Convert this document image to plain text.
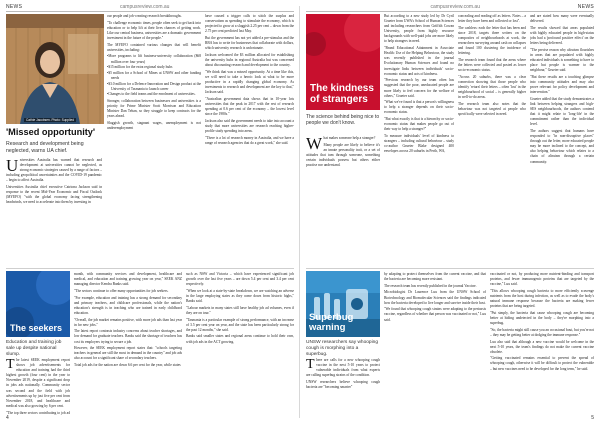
NEWS	campusreview.com.au
Cathie Jacobsen. Photo: Supplied
'Missed opportunity'
Research and development being neglected, warns UA chief.
U niversities Australia has warned that research and development at universities cannot be neglected, as strong economic strategies caused by a range of factors – including geopolitical uncertainties and the COVID-19 pandemic – begin to affect Australia.

Universities Australia chief executive Catriona Jackson said in response to the recent Mid-Year Economic and Fiscal Outlook (MYEFO) "with the global economy facing strengthening headwinds, we need to accelerate into them by investing in

our people and job-creating research breakthroughs.

"To challenge economic times, people often seek to get back into education or to help lift at their lives chances of getting work. Like our central business, universities are a dramatic government investment in the future of the people."

The MYEFO contained various changes that will benefit universities, including:

• More programs to lift business-university collaboration ($68 million over four years)
• $15 million for the extra regional study hubs
• $5 million for a School of Mines at UNSW and other funding needs
• $3.0 million for a Defence Innovation and Design product at the University of Tasmania to launch career
• Changes to the field teams and the enrolment of universities.

Stronger, collaboration between businesses and universities is a priority for Prime Minister Scott Morrison and Education Minister Dan Tehan, so they struggle to keep contracts for the years ahead.

Sluggish growth, stagnant wages, unemployment is not underemployment

have caused a trigger calls to stitch the surplus and conservatism as spending to stimulate the economy, which is projected to grow at a sluggish 2.25 per cent – down from the 2.75 per cent predicted last May.

But the government has not yet added a pre-stimulus and the RBA has to write for businesses that collaborate with dollars, which university research is unfortunate.

Jackson welcomed the $3 million allocated for establishing the university hubs in regional Australia but was concerned about discounting research and development to the country.

"We think that was a missed opportunity. At a time like this, we will need to take a heroic look at what to be more productive in a rapidly changing global economy. As investments to research and development are the key to that," Jackson said.

"Australian government data shows that in 10-year lots universities that the peak in 2017 with the rest of research spending at 0.6 per cent of the economy – the lowest level since the 1980s."

Jackson also said the government needs to take into account a study that more universities are research reaching higher-profile study spending into areas.

"There is a lot of research money in Australia, and we have a range of research agencies that do a great work," she said.

The seekers
Education and training job sale up despite national slump.
T he latest SEEK employment report shows job advertisements for education and training had the third highest growth (four cent) in the year to November 2019, despite a significant drop in jobs ads nationally. Community sector was second and the field with job advertisements up by just five per cent from November 2018, and healthcare and medical was also growing by 6 per cent.

"The top three sectors contributing to job ad

month, with community services and development, healthcare and medical, and education and training growing year on year," SEEK ANZ managing director Kendra Banks said.

"The sectors continue to offer many opportunities for job seekers.

"For example, education and training has a strong demand for secondary and primary teachers, and childcare professionals, while the nation's education's strength is in teaching who are trained in early childhood education.

"Overall, the job market remains positive, with more job ads than last year in for new jobs."

The latest report contrasts industry concerns about teacher shortages, and low demand for graduate teachers. Banks said the shortage of teachers has cost its employers trying to secure a job.

However, the SEEK employment report states that: "schools targeting teachers in general are still the most in demand in the country" and job ads also account for a significant share of secondary teachers.

Total job ads for the nation are down 6.6 per cent for the year, while states

such as NSW and Victoria – which have experienced significant job growth over the last five years – are down 5.4 per cent and 3.4 per cent respectively.

"When we look at a state-by-state breakdown, we are watching an adverse in the large employing states as they come down from historic highs," Banks said.

"Labour markets in many states still have healthy job ad volumes, even if they are on tour."

"Tasmania is a particular example of strong performance, with an increase of 3.5 per cent year on year, and the state has been particularly strong for the past 12 months," she said.

Banks said smaller states and regional areas continue to hold their own, with job ads in the ACT growing.

4
campusreview.com.au	NEWS
The kindness of strangers
The science behind being nice to people we don't know.
W hat makes someone help a stranger?

Many people are likely to believe it's an innate personality trait, or a set of attitudes that tum through someone, something certain individuals possess but others either practise nor understand.

But according to a new study led by Dr Cyril Grueter from UWA's School of Human Sciences and including researchers from Griffith Cowan University, people from highly resource backgrounds with well-paid jobs are more likely to help strangers in need.

"Brand Educational Attainment in Associate Health: Use of the Helping Behaviour, the study was recently published in the journal Evolutionary Human Sciences and found no investigate links between individuals' socio-economic status and acts of kindness.

"Previous research by our team often has suggested that the poor, uneducated people are more likely to feel concern for the welfare of others," Grueter said.

"What we've found is that a person's willingness to help a stranger depends on their socio-economic status.

"But what exactly is that is a hierarchy or socio-economic status that makes people go out of their way to help a stranger?"

To measure individuals' level of kindness to strangers – including cultural behaviour – study co-author Grueter Blake designed 400 envelopes across 20 suburbs in Perth, WA,

concealing and reading off as letters. Notes – a letter they have been and collected or lost".

The cashless: each the letter that has been and since 2018, targets three writers on the composites of neighbourhoods at work, the researchers surveying around cash on collapses and found 100 clustering the incidence of lettering.

The research team found that the areas where the letters were collected and posted as lower socio-economic status.

"Across 20 suburbs, there was a clear connection showing that those people who identify 'return' their letters – often 'lost' in the neighbourhood of social – is generally higher in well-to-do areas.

The research team also notes that the behaviour was not targeted at people who specifically were selected in need.

and are stated how many were eventually delivered.

The results showed that areas populated with highly educated people in high-status jobs had a 'profound positive effect' on the letters being delivered.

"The precise reason why altruism flourishes in areas that are populated with highly educated individuals is something to have to place but people is warmer to the neighbour," Grueter said.

"But these results are a touching glimpse into community attitudes and may also prove relevant for policy development and intervention."

Grueter added that the study demonstrates a link between helping strangers and high-SES neighbourhoods, the authors contend that it might relate to 'long-life' in the commitment rather than the individual level.

The authors suggest that humans have responded to "in non-disruptive places" through out the letter, more educated people may be more inclined to the concept, and also helping behaviour which relates to a chain of altruism through a certain community.

Superbug warning
UNSW researchers say whooping cough is morphing into a superbug.
T here are calls for a new whooping cough vaccine in the next 5-10 years to protect vulnerable individuals from what experts are calling superbug strains of the condition.

UNSW researchers believe whooping cough bacteria are "becoming smarter"

by adapting to protect themselves from the current vaccine, and that the bacteria are becoming more resistant.

The research team has recently published in the journal Vaccine.

Microbiologist Dr Laurence Luu from the UNSW School of Biotechnology and Biomolecular Sciences said the findings indicated how the bacteria developed to live longer and survive inside their host.

"We found that whooping cough strains were adapting to the pertussis vaccine, regardless of whether that person was vaccinated or not," Luu said.

vaccinated or not, by producing more nutrient-binding and transport proteins, and fewer immunogenic proteins that are targeted by the vaccine," Luu said.

"This allows whooping cough bacteria to more efficiently scavenge nutrients from the host during infection, as well as to evade the body's natural immune response because the bacteria are making fewer proteins that are being targeted.

"Put simply, the bacteria that cause whooping cough are becoming better at hiding undetected in the body – they're morphing into a superbug.

"So, the bacteria might still cause you an occasional bout, but you're not – they may be getting better at dodging the immune response."

Luu also said that although a new vaccine would be welcome in the next 5-10 years, the team's findings do not make the current vaccine obsolete.

"Getting vaccinated remains essential to prevent the spread of whooping cough, otherwise it will be difficult to protect the vulnerable – but new vaccines need to be developed for the long term," he said.

5
